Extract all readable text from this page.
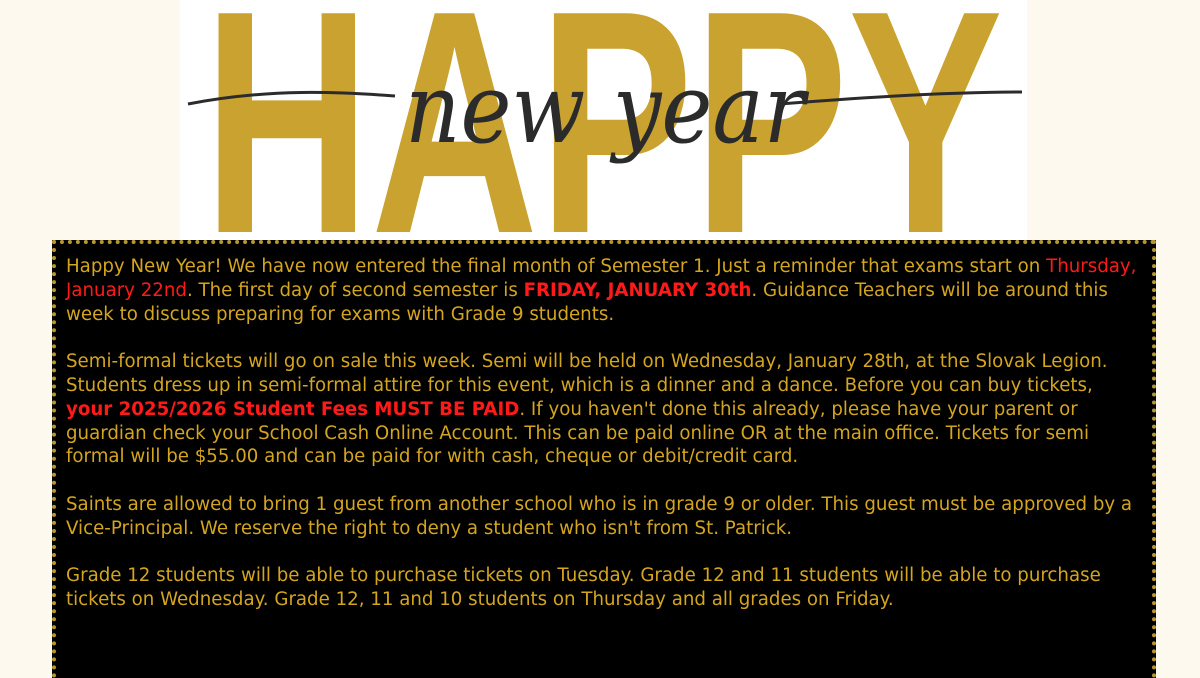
HAPPY
new year

Happy New Year! We have now entered the final month of Semester 1. Just a reminder that exams start on Thursday, January 22nd. The first day of second semester is FRIDAY, JANUARY 30th. Guidance Teachers will be around this week to discuss preparing for exams with Grade 9 students.

Semi-formal tickets will go on sale this week. Semi will be held on Wednesday, January 28th, at the Slovak Legion. Students dress up in semi-formal attire for this event, which is a dinner and a dance. Before you can buy tickets, your 2025/2026 Student Fees MUST BE PAID. If you haven't done this already, please have your parent or guardian check your School Cash Online Account. This can be paid online OR at the main office. Tickets for semi formal will be $55.00 and can be paid for with cash, cheque or debit/credit card.

Saints are allowed to bring 1 guest from another school who is in grade 9 or older. This guest must be approved by a Vice-Principal. We reserve the right to deny a student who isn't from St. Patrick.

Grade 12 students will be able to purchase tickets on Tuesday. Grade 12 and 11 students will be able to purchase tickets on Wednesday. Grade 12, 11 and 10 students on Thursday and all grades on Friday.
